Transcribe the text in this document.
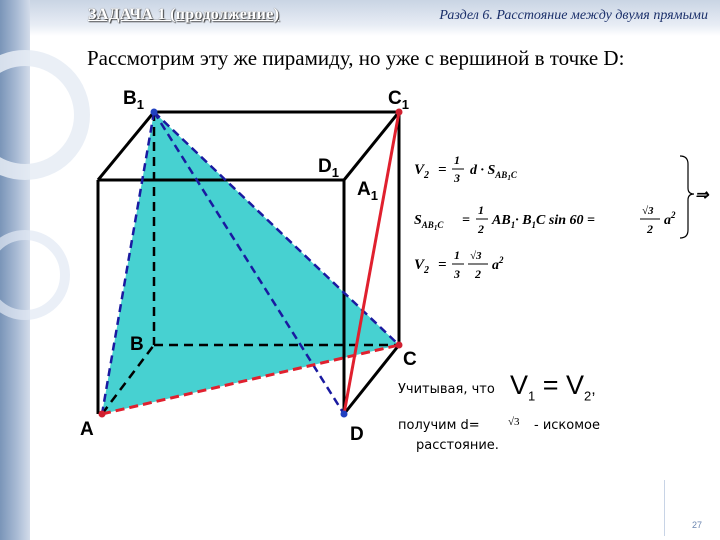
ЗАДАЧА 1 (продолжение)	Раздел 6. Расстояние между двумя прямыми
Рассмотрим эту же пирамиду, но уже с вершиной в точке D:
$B_1$	$C_1$
$D_1$
$A_1$
B
C
A	D
$V_2$ =
1
3 $d \cdot S_{AB}1C$
$S_{AB}1C$ =
1
2
$AB_1\cdot B_1C$ sin 60 =
√3
2
$a^2$
$V_2$ =
1
3
√3
2
$a^2$
⇒
Учитывая, что $V_1 = V_2$,
получим d=	√3 - искомое
расстояние.
27
